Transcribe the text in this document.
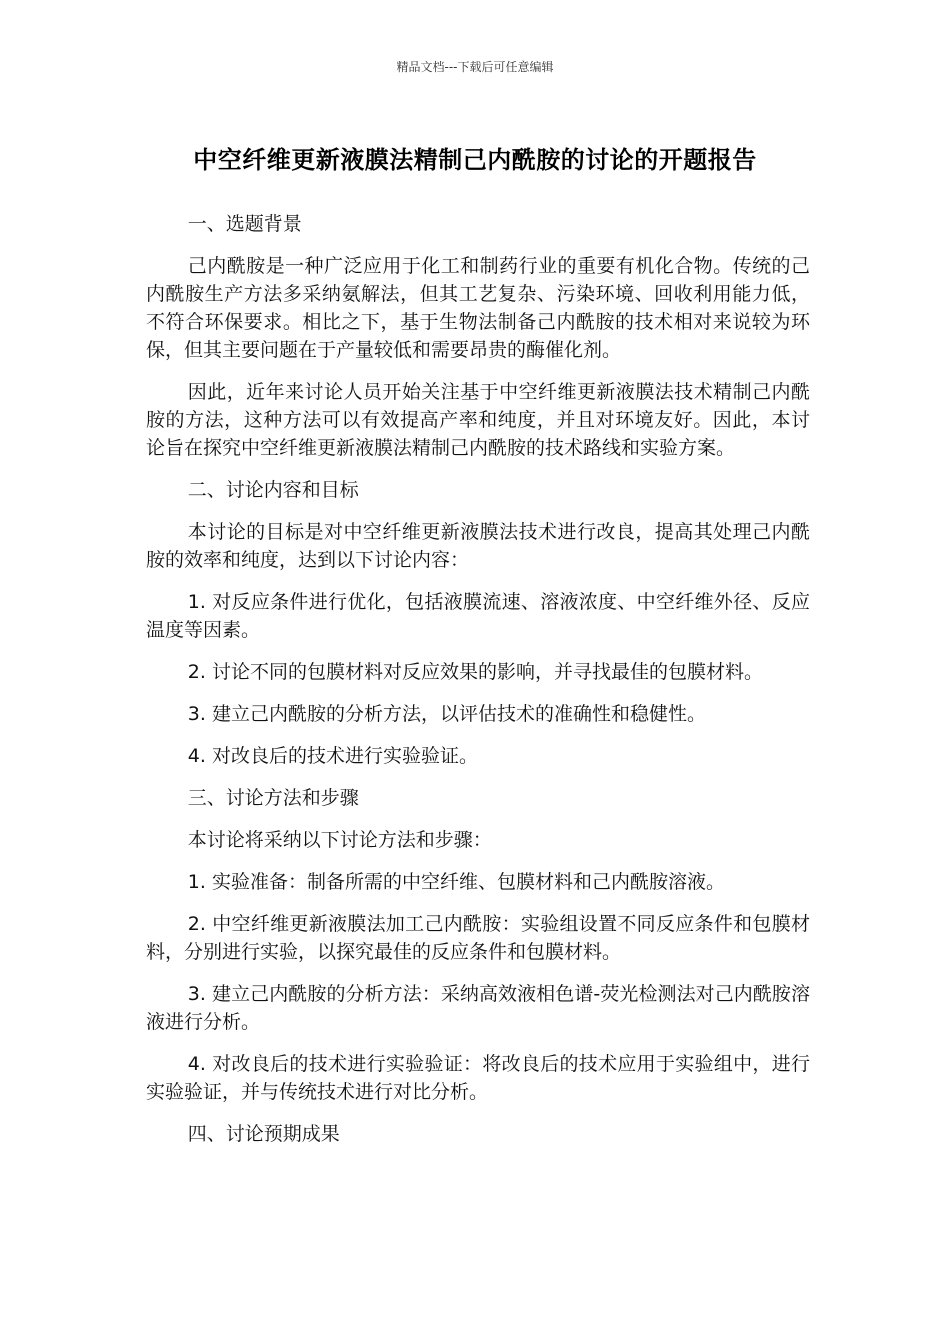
精品文档---下载后可任意编辑
中空纤维更新液膜法精制己内酰胺的讨论的开题报告

一、选题背景

己内酰胺是一种广泛应用于化工和制药行业的重要有机化合物。传统的己内酰胺生产方法多采纳氨解法，但其工艺复杂、污染环境、回收利用能力低，不符合环保要求。相比之下，基于生物法制备己内酰胺的技术相对来说较为环保，但其主要问题在于产量较低和需要昂贵的酶催化剂。

因此，近年来讨论人员开始关注基于中空纤维更新液膜法技术精制己内酰胺的方法，这种方法可以有效提高产率和纯度，并且对环境友好。因此，本讨论旨在探究中空纤维更新液膜法精制己内酰胺的技术路线和实验方案。

二、讨论内容和目标

本讨论的目标是对中空纤维更新液膜法技术进行改良，提高其处理己内酰胺的效率和纯度，达到以下讨论内容：

1. 对反应条件进行优化，包括液膜流速、溶液浓度、中空纤维外径、反应温度等因素。

2. 讨论不同的包膜材料对反应效果的影响，并寻找最佳的包膜材料。

3. 建立己内酰胺的分析方法，以评估技术的准确性和稳健性。

4. 对改良后的技术进行实验验证。

三、讨论方法和步骤

本讨论将采纳以下讨论方法和步骤：

1. 实验准备：制备所需的中空纤维、包膜材料和己内酰胺溶液。

2. 中空纤维更新液膜法加工己内酰胺：实验组设置不同反应条件和包膜材料，分别进行实验，以探究最佳的反应条件和包膜材料。

3. 建立己内酰胺的分析方法：采纳高效液相色谱-荧光检测法对己内酰胺溶液进行分析。

4. 对改良后的技术进行实验验证：将改良后的技术应用于实验组中，进行实验验证，并与传统技术进行对比分析。

四、讨论预期成果
